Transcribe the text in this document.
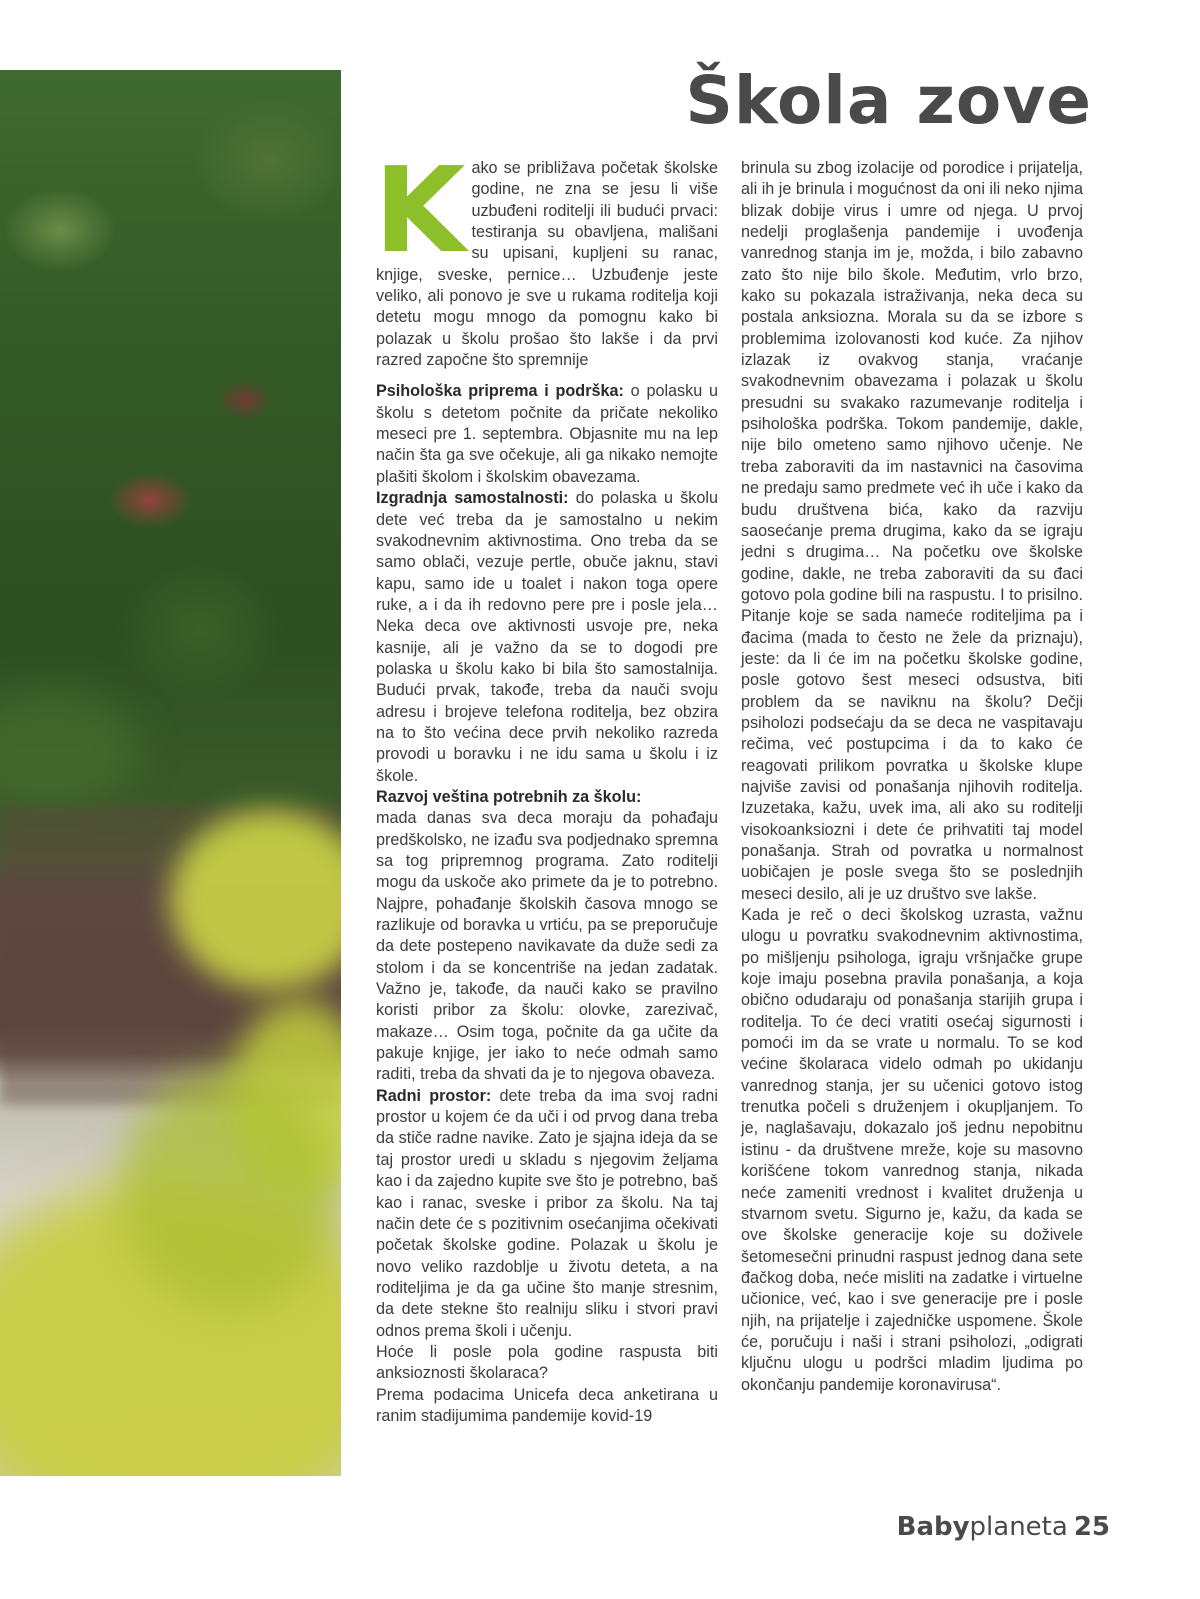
Škola zove

Kako se približava početak školske godine, ne zna se jesu li više uzbuđeni roditelji ili budući prvaci: testiranja su obavljena, mališani su upisani, kupljeni su ranac, knjige, sveske, pernice… Uzbuđenje jeste veliko, ali ponovo je sve u rukama roditelja koji detetu mogu mnogo da pomognu kako bi polazak u školu prošao što lakše i da prvi razred započne što spremnije

Psihološka priprema i podrška: o polasku u školu s detetom počnite da pričate nekoliko meseci pre 1. septembra. Objasnite mu na lep način šta ga sve očekuje, ali ga nikako nemojte plašiti školom i školskim obavezama.

Izgradnja samostalnosti: do polaska u školu dete već treba da je samostalno u nekim svakodnevnim aktivnostima. Ono treba da se samo oblači, vezuje pertle, obuče jaknu, stavi kapu, samo ide u toalet i nakon toga opere ruke, a i da ih redovno pere pre i posle jela… Neka deca ove aktivnosti usvoje pre, neka kasnije, ali je važno da se to dogodi pre polaska u školu kako bi bila što samostalnija. Budući prvak, takođe, treba da nauči svoju adresu i brojeve telefona roditelja, bez obzira na to što većina dece prvih nekoliko razreda provodi u boravku i ne idu sama u školu i iz škole.

Razvoj veština potrebnih za školu:
mada danas sva deca moraju da pohađaju predškolsko, ne izađu sva podjednako spremna sa tog pripremnog programa. Zato roditelji mogu da uskoče ako primete da je to potrebno. Najpre, pohađanje školskih časova mnogo se razlikuje od boravka u vrtiću, pa se preporučuje da dete postepeno navikavate da duže sedi za stolom i da se koncentriše na jedan zadatak. Važno je, takođe, da nauči kako se pravilno koristi pribor za školu: olovke, zarezivač, makaze… Osim toga, počnite da ga učite da pakuje knjige, jer iako to neće odmah samo raditi, treba da shvati da je to njegova obaveza.

Radni prostor: dete treba da ima svoj radni prostor u kojem će da uči i od prvog dana treba da stiče radne navike. Zato je sjajna ideja da se taj prostor uredi u skladu s njegovim željama kao i da zajedno kupite sve što je potrebno, baš kao i ranac, sveske i pribor za školu. Na taj način dete će s pozitivnim osećanjima očekivati početak školske godine. Polazak u školu je novo veliko razdoblje u životu deteta, a na roditeljima je da ga učine što manje stresnim, da dete stekne što realniju sliku i stvori pravi odnos prema školi i učenju.

Hoće li posle pola godine raspusta biti anksioznosti školaraca?

Prema podacima Unicefa deca anketirana u ranim stadijumima pandemije kovid-19

brinula su zbog izolacije od porodice i prijatelja, ali ih je brinula i mogućnost da oni ili neko njima blizak dobije virus i umre od njega. U prvoj nedelji proglašenja pandemije i uvođenja vanrednog stanja im je, možda, i bilo zabavno zato što nije bilo škole. Međutim, vrlo brzo, kako su pokazala istraživanja, neka deca su postala anksiozna. Morala su da se izbore s problemima izolovanosti kod kuće. Za njihov izlazak iz ovakvog stanja, vraćanje svakodnevnim obavezama i polazak u školu presudni su svakako razumevanje roditelja i psihološka podrška. Tokom pandemije, dakle, nije bilo ometeno samo njihovo učenje. Ne treba zaboraviti da im nastavnici na časovima ne predaju samo predmete već ih uče i kako da budu društvena bića, kako da razviju saosećanje prema drugima, kako da se igraju jedni s drugima… Na početku ove školske godine, dakle, ne treba zaboraviti da su đaci gotovo pola godine bili na raspustu. I to prisilno.

Pitanje koje se sada nameće roditeljima pa i đacima (mada to često ne žele da priznaju), jeste: da li će im na početku školske godine, posle gotovo šest meseci odsustva, biti problem da se naviknu na školu? Dečji psiholozi podsećaju da se deca ne vaspitavaju rečima, već postupcima i da to kako će reagovati prilikom povratka u školske klupe najviše zavisi od ponašanja njihovih roditelja. Izuzetaka, kažu, uvek ima, ali ako su roditelji visokoanksiozni i dete će prihvatiti taj model ponašanja. Strah od povratka u normalnost uobičajen je posle svega što se poslednjih meseci desilo, ali je uz društvo sve lakše.

Kada je reč o deci školskog uzrasta, važnu ulogu u povratku svakodnevnim aktivnostima, po mišljenju psihologa, igraju vršnjačke grupe koje imaju posebna pravila ponašanja, a koja obično odudaraju od ponašanja starijih grupa i roditelja. To će deci vratiti osećaj sigurnosti i pomoći im da se vrate u normalu. To se kod većine školaraca videlo odmah po ukidanju vanrednog stanja, jer su učenici gotovo istog trenutka počeli s druženjem i okupljanjem. To je, naglašavaju, dokazalo još jednu nepobitnu istinu - da društvene mreže, koje su masovno korišćene tokom vanrednog stanja, nikada neće zameniti vrednost i kvalitet druženja u stvarnom svetu. Sigurno je, kažu, da kada se ove školske generacije koje su doživele šetomesečni prinudni raspust jednog dana sete đačkog doba, neće misliti na zadatke i virtuelne učionice, već, kao i sve generacije pre i posle njih, na prijatelje i zajedničke uspomene. Škole će, poručuju i naši i strani psiholozi, „odigrati ključnu ulogu u podršci mladim ljudima po okončanju pandemije koronavirusa“.

Babyplaneta 25
